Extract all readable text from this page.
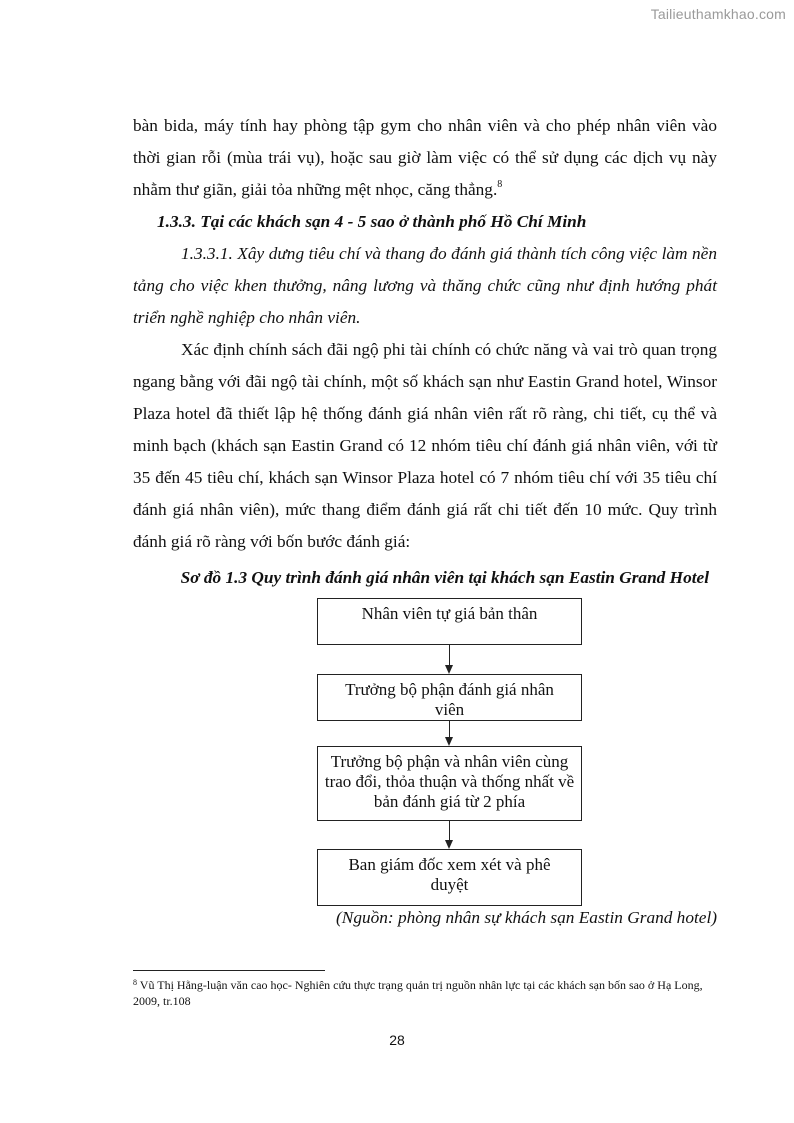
Tailieuthamkhao.com

bàn bida, máy tính hay phòng tập gym cho nhân viên và cho phép nhân viên vào thời gian rỗi (mùa trái vụ), hoặc sau giờ làm việc có thể sử dụng các dịch vụ này nhằm thư giãn, giải tỏa những mệt nhọc, căng thẳng.$^8$

1.3.3. Tại các khách sạn 4 - 5 sao ở thành phố Hồ Chí Minh

1.3.3.1. Xây dưng tiêu chí và thang đo đánh giá thành tích công việc làm nền tảng cho việc khen thưởng, nâng lương và thăng chức cũng như định hướng phát triển nghề nghiệp cho nhân viên.

Xác định chính sách đãi ngộ phi tài chính có chức năng và vai trò quan trọng ngang bằng với đãi ngộ tài chính, một số khách sạn như Eastin Grand hotel, Winsor Plaza hotel đã thiết lập hệ thống đánh giá nhân viên rất rõ ràng, chi tiết, cụ thể và minh bạch (khách sạn Eastin Grand có 12 nhóm tiêu chí đánh giá nhân viên, với từ 35 đến 45 tiêu chí, khách sạn Winsor Plaza hotel có 7 nhóm tiêu chí với 35 tiêu chí đánh giá nhân viên), mức thang điểm đánh giá rất chi tiết đến 10 mức. Quy trình đánh giá rõ ràng với bốn bước đánh giá:

Sơ đồ 1.3 Quy trình đánh giá nhân viên tại khách sạn Eastin Grand Hotel

Nhân viên tự giá bản thân
Trưởng bộ phận đánh giá nhân viên
Trưởng bộ phận và nhân viên cùng trao đổi, thỏa thuận và thống nhất về bản đánh giá từ 2 phía
Ban giám đốc xem xét và phê duyệt
(Nguồn: phòng nhân sự khách sạn Eastin Grand hotel)
$^8$ Vũ Thị Hằng-luận văn cao học- Nghiên cứu thực trạng quản trị nguồn nhân lực tại các khách sạn bốn sao ở Hạ Long, 2009, tr.108
28
